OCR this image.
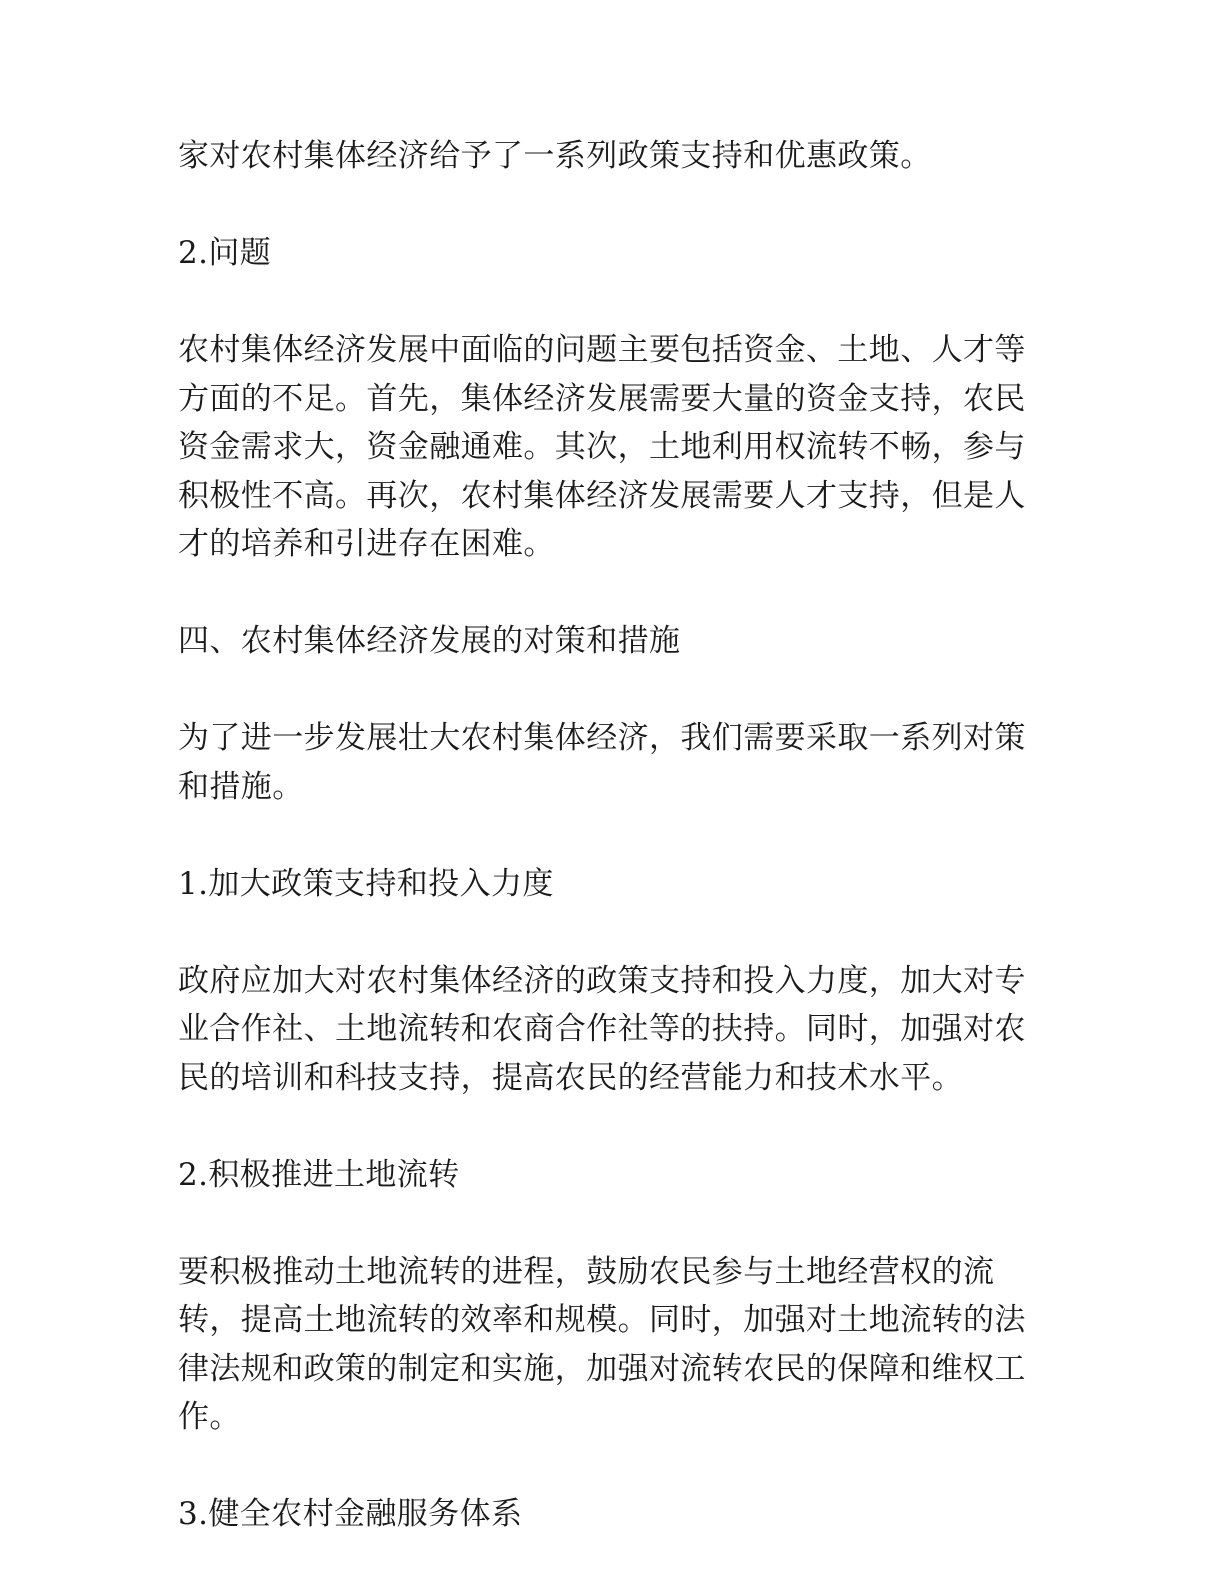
家对农村集体经济给予了一系列政策支持和优惠政策。

2.问题

农村集体经济发展中面临的问题主要包括资金、土地、人才等方面的不足。首先，集体经济发展需要大量的资金支持，农民资金需求大，资金融通难。其次，土地利用权流转不畅，参与积极性不高。再次，农村集体经济发展需要人才支持，但是人才的培养和引进存在困难。

四、农村集体经济发展的对策和措施

为了进一步发展壮大农村集体经济，我们需要采取一系列对策和措施。

1.加大政策支持和投入力度

政府应加大对农村集体经济的政策支持和投入力度，加大对专业合作社、土地流转和农商合作社等的扶持。同时，加强对农民的培训和科技支持，提高农民的经营能力和技术水平。

2.积极推进土地流转

要积极推动土地流转的进程，鼓励农民参与土地经营权的流转，提高土地流转的效率和规模。同时，加强对土地流转的法律法规和政策的制定和实施，加强对流转农民的保障和维权工作。

3.健全农村金融服务体系
